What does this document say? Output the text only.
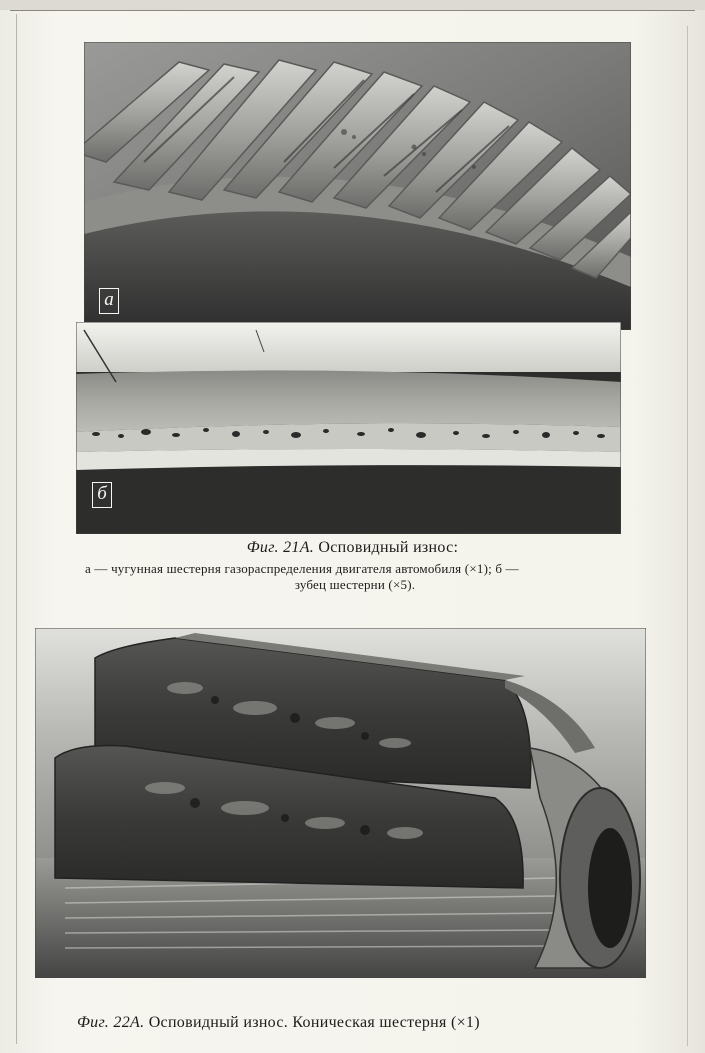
a
б
Фиг. 21А. Осповидный износ:
а — чугунная шестерня газораспределения двигателя автомобиля (×1); б —
зубец шестерни (×5).
Фиг. 22А. Осповидный износ. Коническая шестерня (×1)
